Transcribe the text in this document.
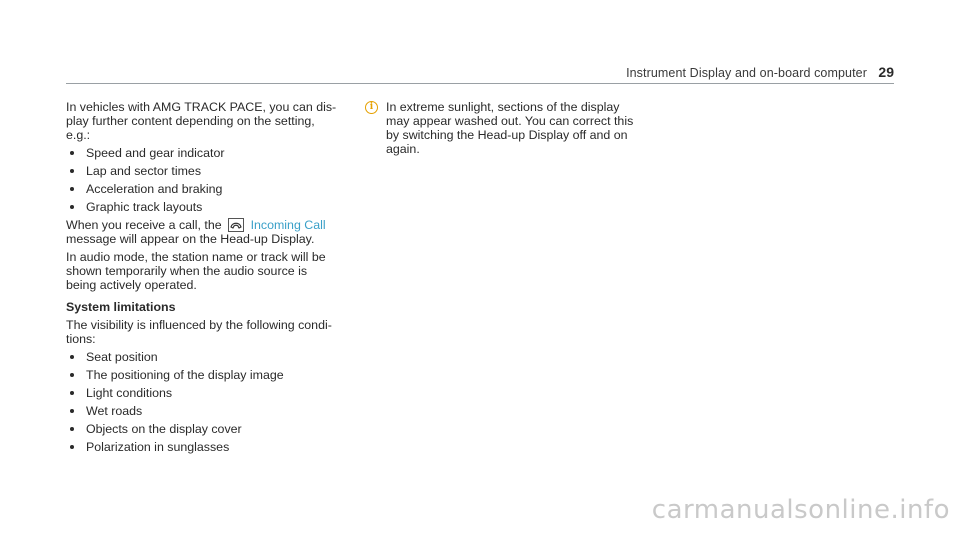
Instrument Display and on-board computer 29
In vehicles with AMG TRACK PACE, you can dis-
play further content depending on the setting,
e.g.:
Speed and gear indicator
Lap and sector times
Acceleration and braking
Graphic track layouts
When you receive a call, the Incoming Call
message will appear on the Head-up Display.
In audio mode, the station name or track will be
shown temporarily when the audio source is
being actively operated.
System limitations
The visibility is influenced by the following condi-
tions:
Seat position
The positioning of the display image
Light conditions
Wet roads
Objects on the display cover
Polarization in sunglasses
i	In extreme sunlight, sections of the display
may appear washed out. You can correct this
by switching the Head-up Display off and on
again.
carmanualsonline.info
